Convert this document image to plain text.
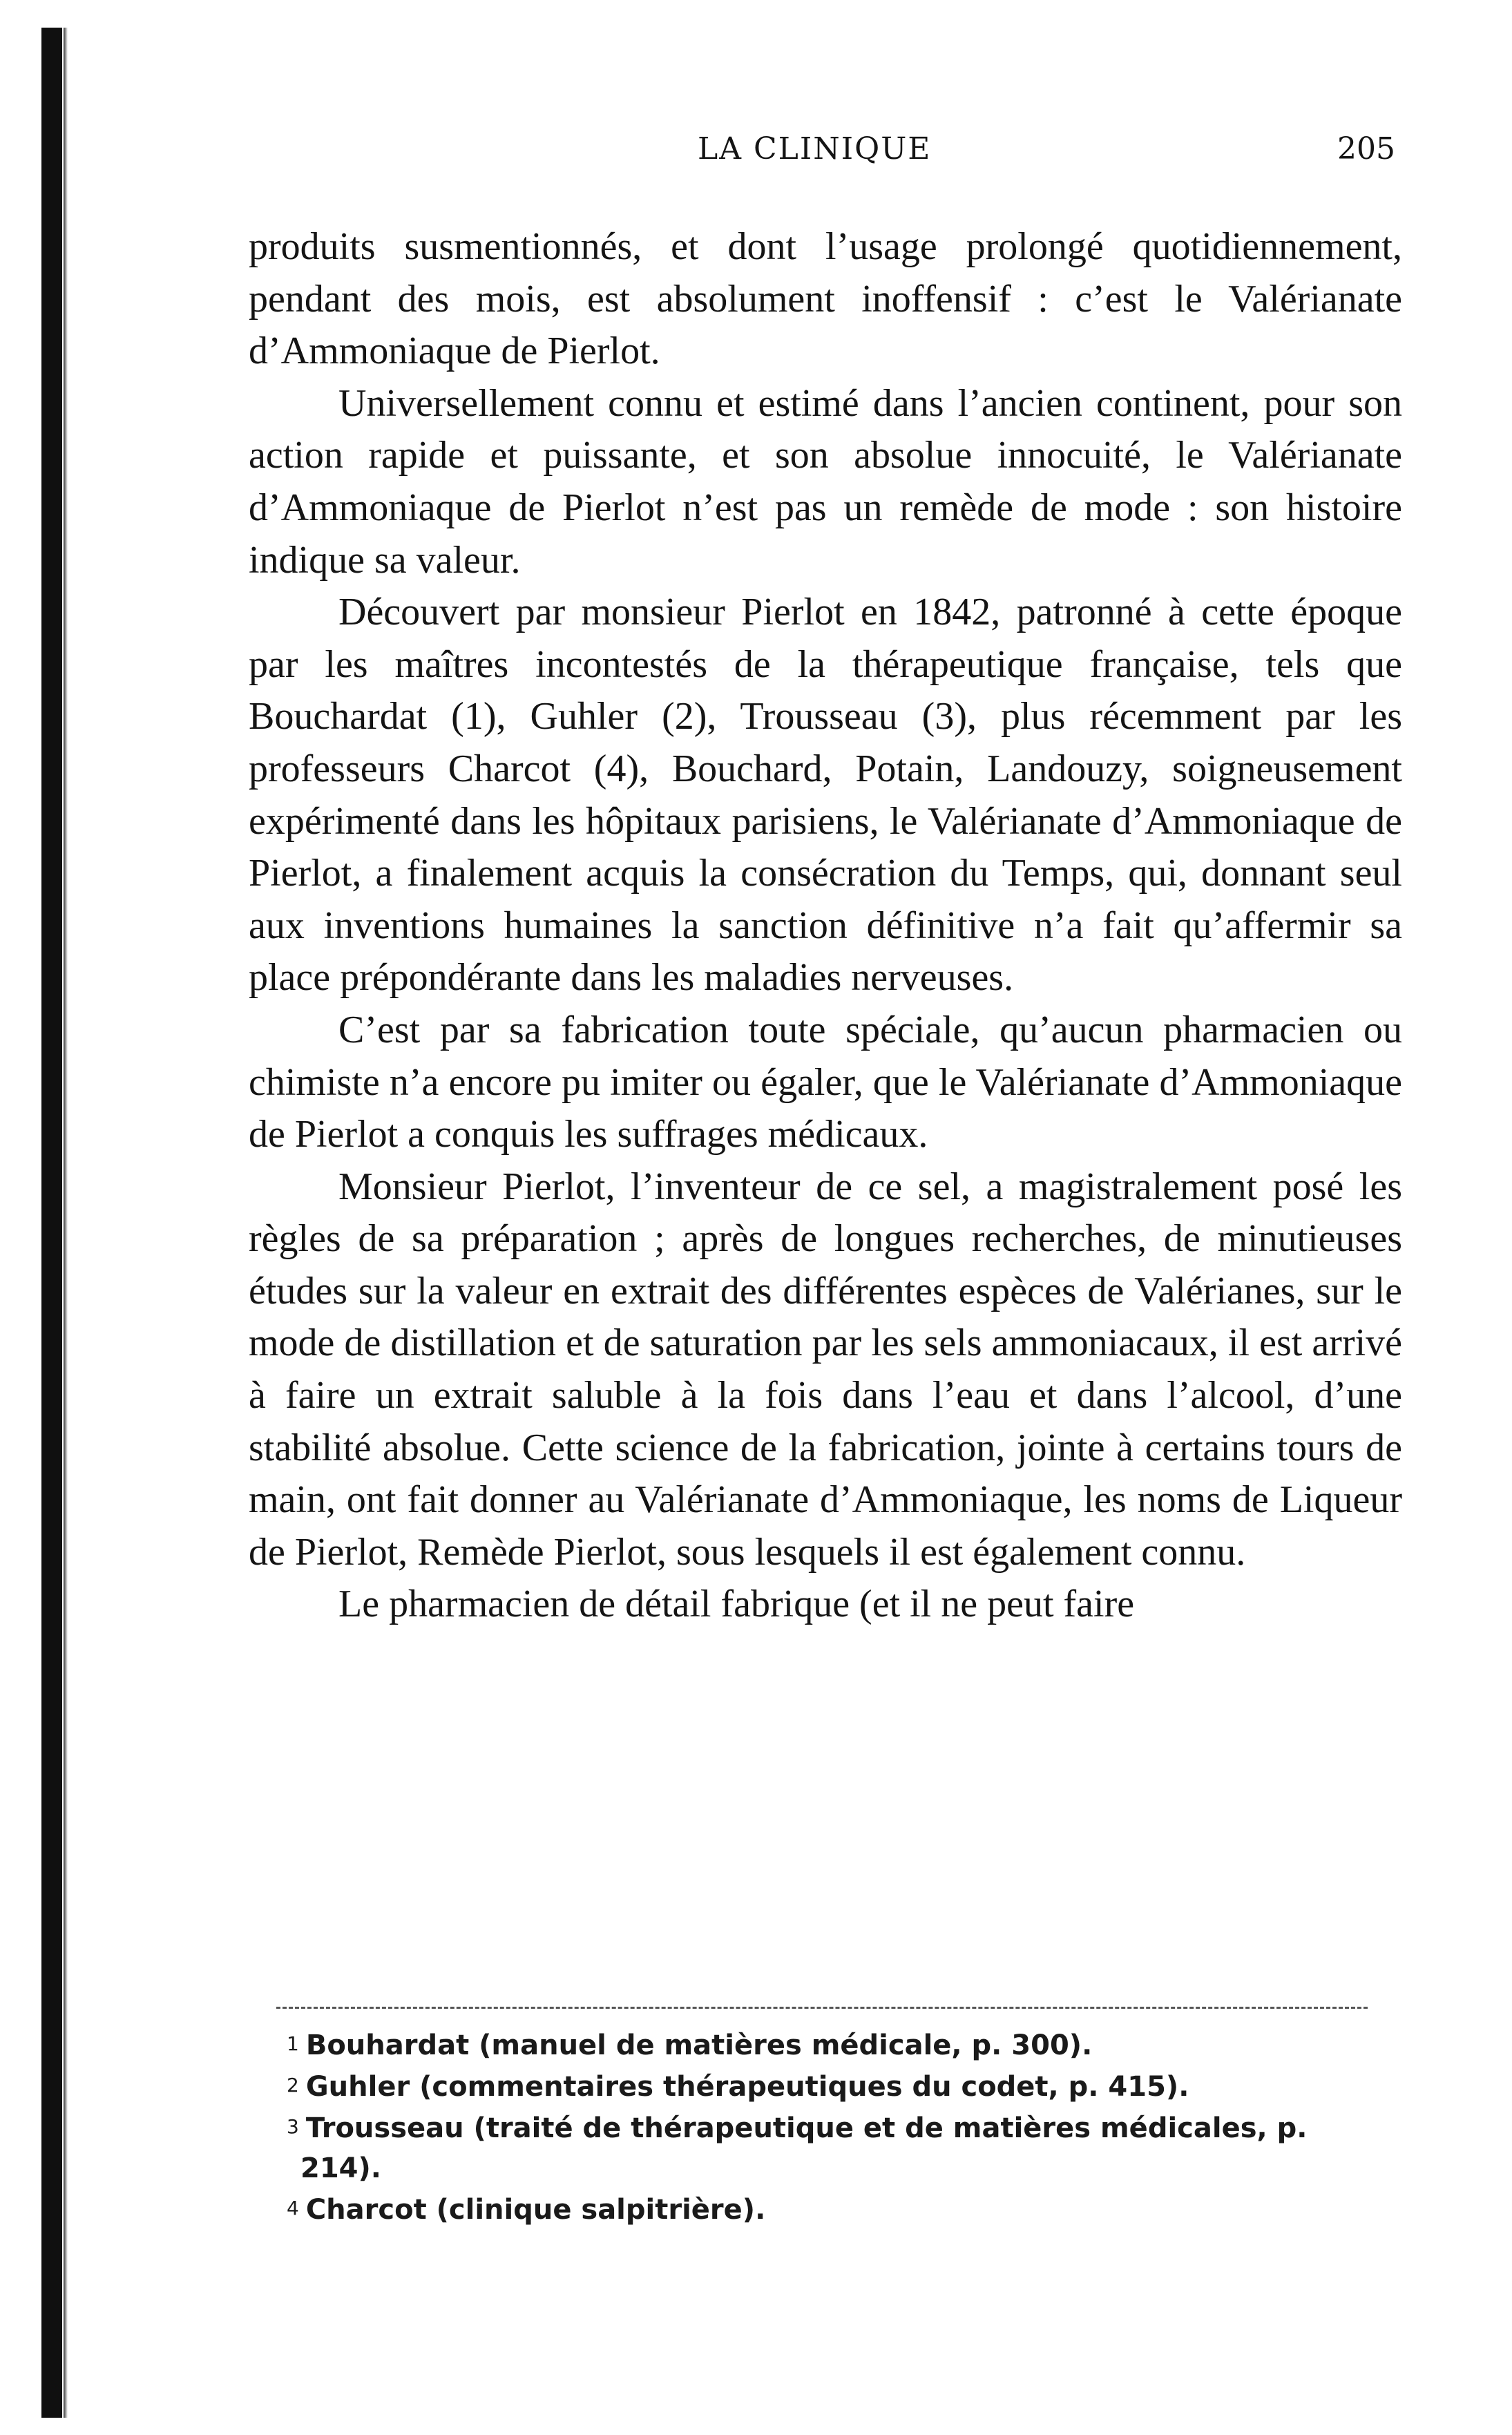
LA CLINIQUE	205

produits susmentionnés, et dont l’usage prolongé quotidiennement, pendant des mois, est absolument inoffensif : c’est le Valérianate d’Ammoniaque de Pierlot.

Universellement connu et estimé dans l’ancien continent, pour son action rapide et puissante, et son absolue innocuité, le Valérianate d’Ammoniaque de Pierlot n’est pas un remède de mode : son histoire indique sa valeur.

Découvert par monsieur Pierlot en 1842, patronné à cette époque par les maîtres incontestés de la thérapeutique française, tels que Bouchardat (1), Guhler (2), Trousseau (3), plus récemment par les professeurs Charcot (4), Bouchard, Potain, Landouzy, soigneusement expérimenté dans les hôpitaux parisiens, le Valérianate d’Ammoniaque de Pierlot, a finalement acquis la consécration du Temps, qui, donnant seul aux inventions humaines la sanction définitive n’a fait qu’affermir sa place prépondérante dans les maladies nerveuses.

C’est par sa fabrication toute spéciale, qu’aucun pharmacien ou chimiste n’a encore pu imiter ou égaler, que le Valérianate d’Ammoniaque de Pierlot a conquis les suffrages médicaux.

Monsieur Pierlot, l’inventeur de ce sel, a magistralement posé les règles de sa préparation ; après de longues recherches, de minutieuses études sur la valeur en extrait des différentes espèces de Valérianes, sur le mode de distillation et de saturation par les sels ammoniacaux, il est arrivé à faire un extrait saluble à la fois dans l’eau et dans l’alcool, d’une stabilité absolue. Cette science de la fabrication, jointe à certains tours de main, ont fait donner au Valérianate d’Ammoniaque, les noms de Liqueur de Pierlot, Remède Pierlot, sous lesquels il est également connu.

Le pharmacien de détail fabrique (et il ne peut faire

1 Bouhardat (manuel de matières médicale, p. 300).

2 Guhler (commentaires thérapeutiques du codet, p. 415).

3 Trousseau (traité de thérapeutique et de matières médicales, p. 214).

4 Charcot (clinique salpitrière).
